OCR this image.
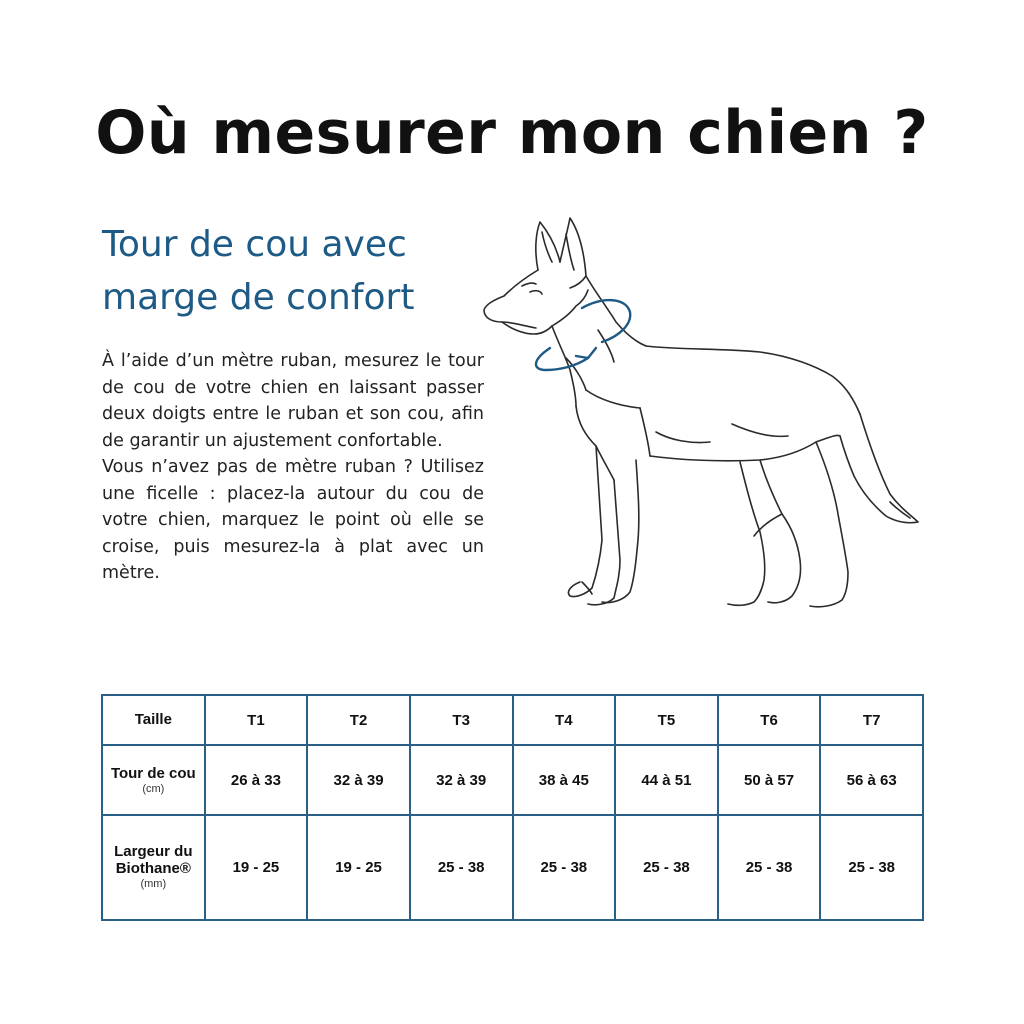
Où mesurer mon chien ?
Tour de cou avec
marge de confort

À l’aide d’un mètre ruban, mesurez le tour de cou de votre chien en laissant passer deux doigts entre le ruban et son cou, afin de garantir un ajustement confortable.

Vous n’avez pas de mètre ruban ? Utilisez une ficelle : placez-la autour du cou de votre chien, marquez le point où elle se croise, puis mesurez-la à plat avec un mètre.

Taille	T1	T2	T3	T4	T5	T6	T7

Tour de cou
(cm)	26 à 33	32 à 39	32 à 39	38 à 45	44 à 51	50 à 57	56 à 63

Largeur du
Biothane®
(mm)	19 - 25	19 - 25	25 - 38	25 - 38	25 - 38	25 - 38	25 - 38
